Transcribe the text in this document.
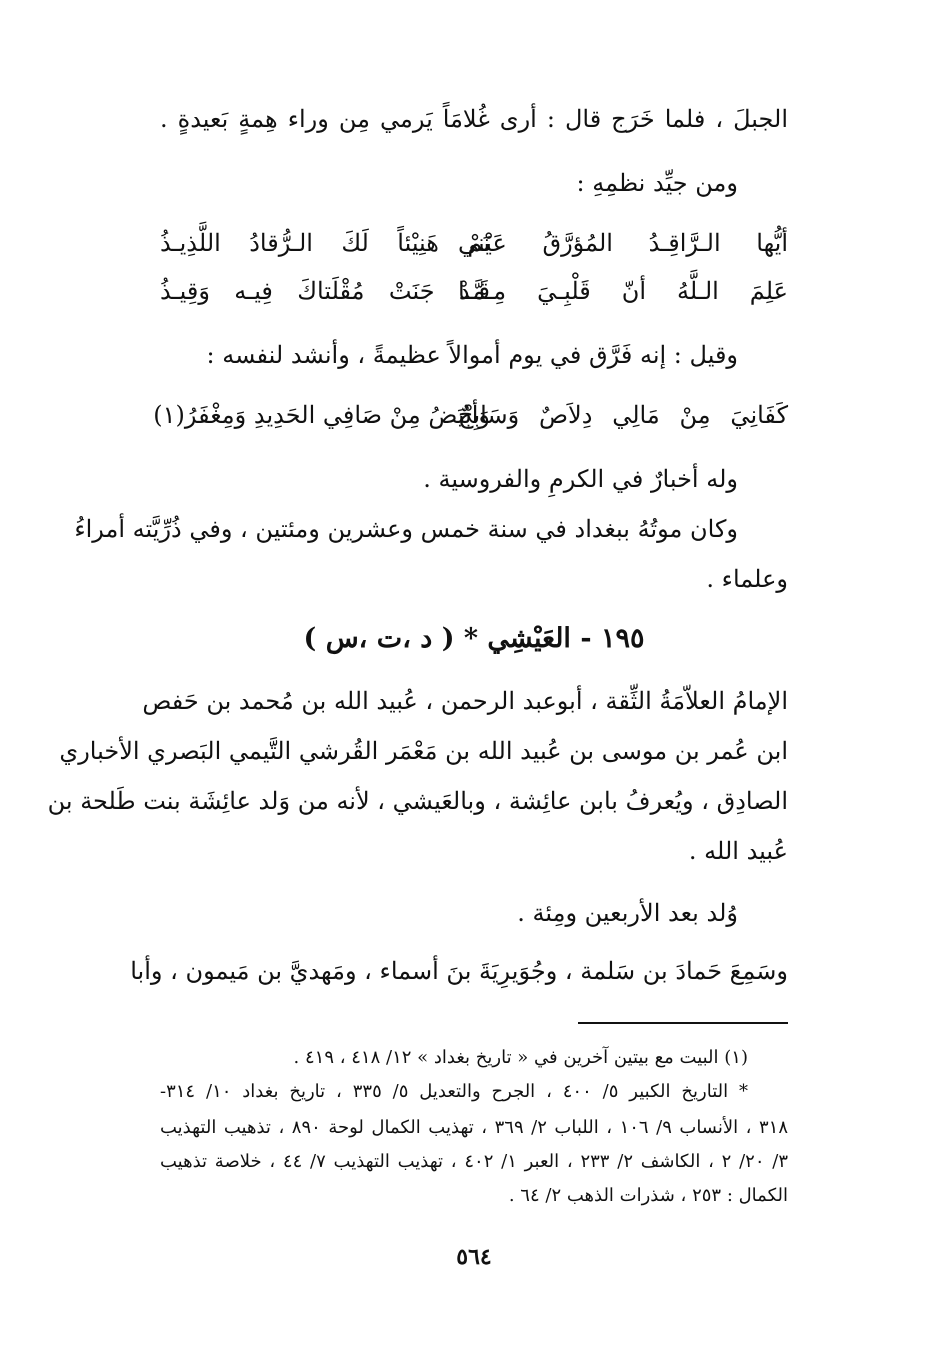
الجبلَ ، فلما خَرَج قال : أرى غُلامَاً يَرمي مِن وراء هِمةٍ بَعيدةٍ .
ومن جيِّد نظمِهِ :
أيُّها الـرَّاقِـدُ المُؤرَّقُ عَيْني
نَمْ هَنِيْئاً لَكَ الـرُّقادُ اللَّذِيـذُ
عَلِمَ الـلَّهُ أنّ قَلْبِـيَ مِـمَّـا
قَـدْ جَنَتْ مُقْلَتاكَ فِيـه وَقِيـذُ
وقيل : إنه فَرَّق في يوم أموالاً عظيمةً ، وأنشد لنفسه :
كَفَانِيَ مِنْ مَالِي دِلاَصٌ وَسَابِحٌ
وَأبْيَضُ مِنْ صَافِي الحَدِيدِ وَمِغْفَرُ(١)
وله أخبارٌ في الكرمِ والفروسية .
وكان موتُهُ ببغداد في سنة خمس وعشرين ومئتين ، وفي ذُرِّيَّته أمراءُ
وعلماء .
١٩٥ - العَيْشِي * ( د ،ت ،س )
الإمامُ العلاّمَةُ الثِّقة ، أبوعبد الرحمن ، عُبيد الله بن مُحمد بن حَفص
ابن عُمر بن موسى بن عُبيد الله بن مَعْمَر القُرشي التَّيمي البَصري الأخباري
الصادِق ، ويُعرفُ بابن عائِشة ، وبالعَيشي ، لأنه من وَلد عائِشَة بنت طَلحة بن
عُبيد الله .
وُلد بعد الأربعين ومِئة .
وسَمِعَ حَمادَ بن سَلمة ، وجُوَيرِيَةَ بنَ أسماء ، ومَهديَّ بن مَيمون ، وأبا
(١) البيت مع بيتين آخرين في « تاريخ بغداد » ١٢/ ٤١٨ ، ٤١٩ .
* التاريخ الكبير ٥/ ٤٠٠ ، الجرح والتعديل ٥/ ٣٣٥ ، تاريخ بغداد ١٠/ ٣١٤-
٣١٨ ، الأنساب ٩/ ١٠٦ ، اللباب ٢/ ٣٦٩ ، تهذيب الكمال لوحة ٨٩٠ ، تذهيب التهذيب
٣/ ٢٠/ ٢ ، الكاشف ٢/ ٢٣٣ ، العبر ١/ ٤٠٢ ، تهذيب التهذيب ٧/ ٤٤ ، خلاصة تذهيب
الكمال : ٢٥٣ ، شذرات الذهب ٢/ ٦٤ .
٥٦٤
